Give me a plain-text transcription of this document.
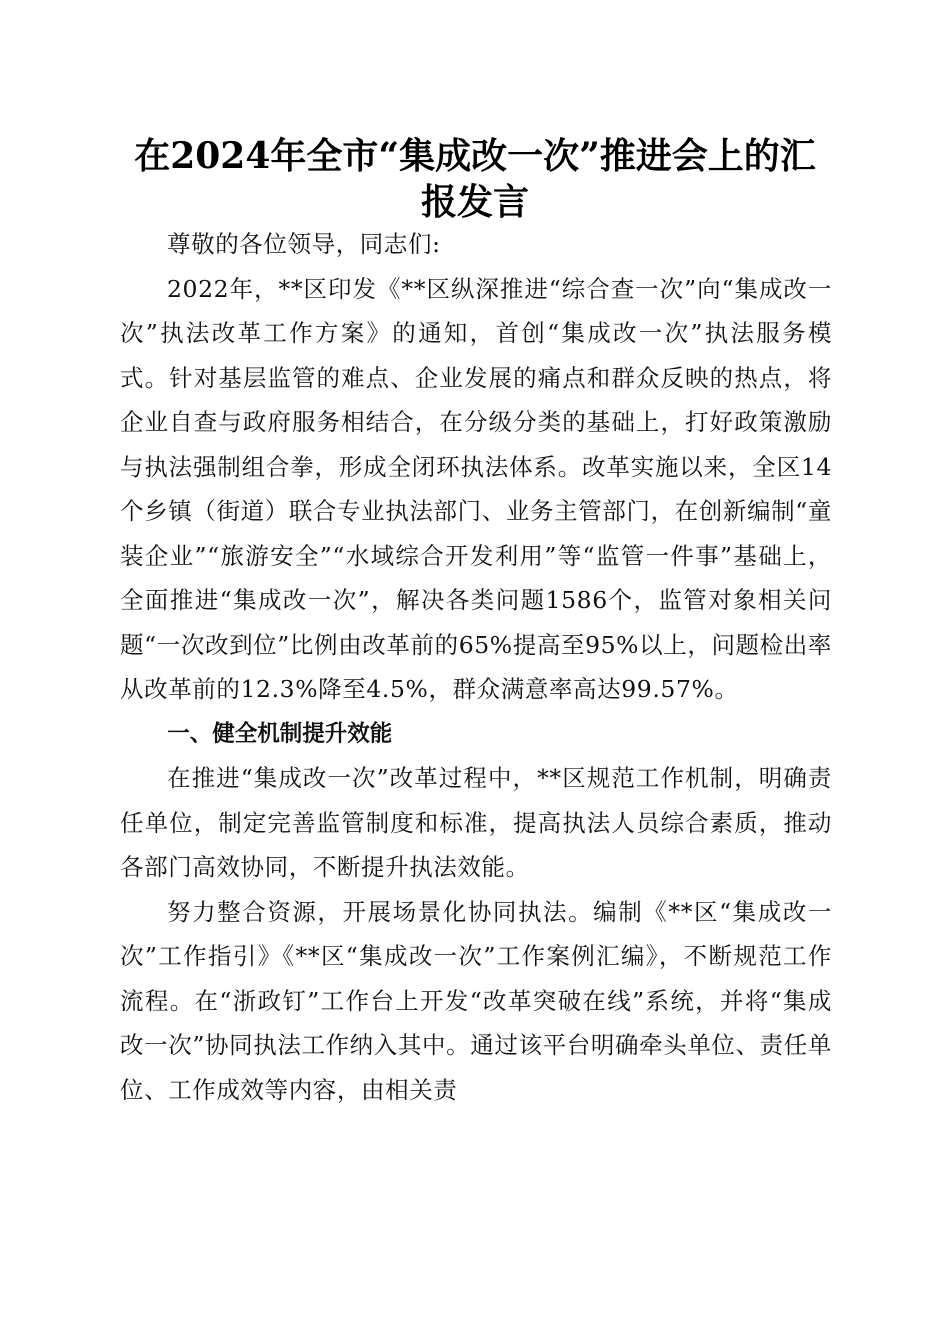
在2024年全市“集成改一次”推进会上的汇报发言

尊敬的各位领导，同志们:

2022年，**区印发《**区纵深推进“综合查一次”向“集成改一次”执法改革工作方案》的通知，首创“集成改一次”执法服务模式。针对基层监管的难点、企业发展的痛点和群众反映的热点，将企业自查与政府服务相结合，在分级分类的基础上，打好政策激励与执法强制组合拳，形成全闭环执法体系。改革实施以来，全区14个乡镇（街道）联合专业执法部门、业务主管部门，在创新编制“童装企业”“旅游安全”“水域综合开发利用”等“监管一件事”基础上，全面推进“集成改一次”，解决各类问题1586个，监管对象相关问题“一次改到位”比例由改革前的65%提高至95%以上，问题检出率从改革前的12.3%降至4.5%，群众满意率高达99.57%。

一、健全机制提升效能

在推进“集成改一次”改革过程中，**区规范工作机制，明确责任单位，制定完善监管制度和标准，提高执法人员综合素质，推动各部门高效协同，不断提升执法效能。

努力整合资源，开展场景化协同执法。编制《**区“集成改一次”工作指引》《**区“集成改一次”工作案例汇编》，不断规范工作流程。在“浙政钉”工作台上开发“改革突破在线”系统，并将“集成改一次”协同执法工作纳入其中。通过该平台明确牵头单位、责任单位、工作成效等内容，由相关责
